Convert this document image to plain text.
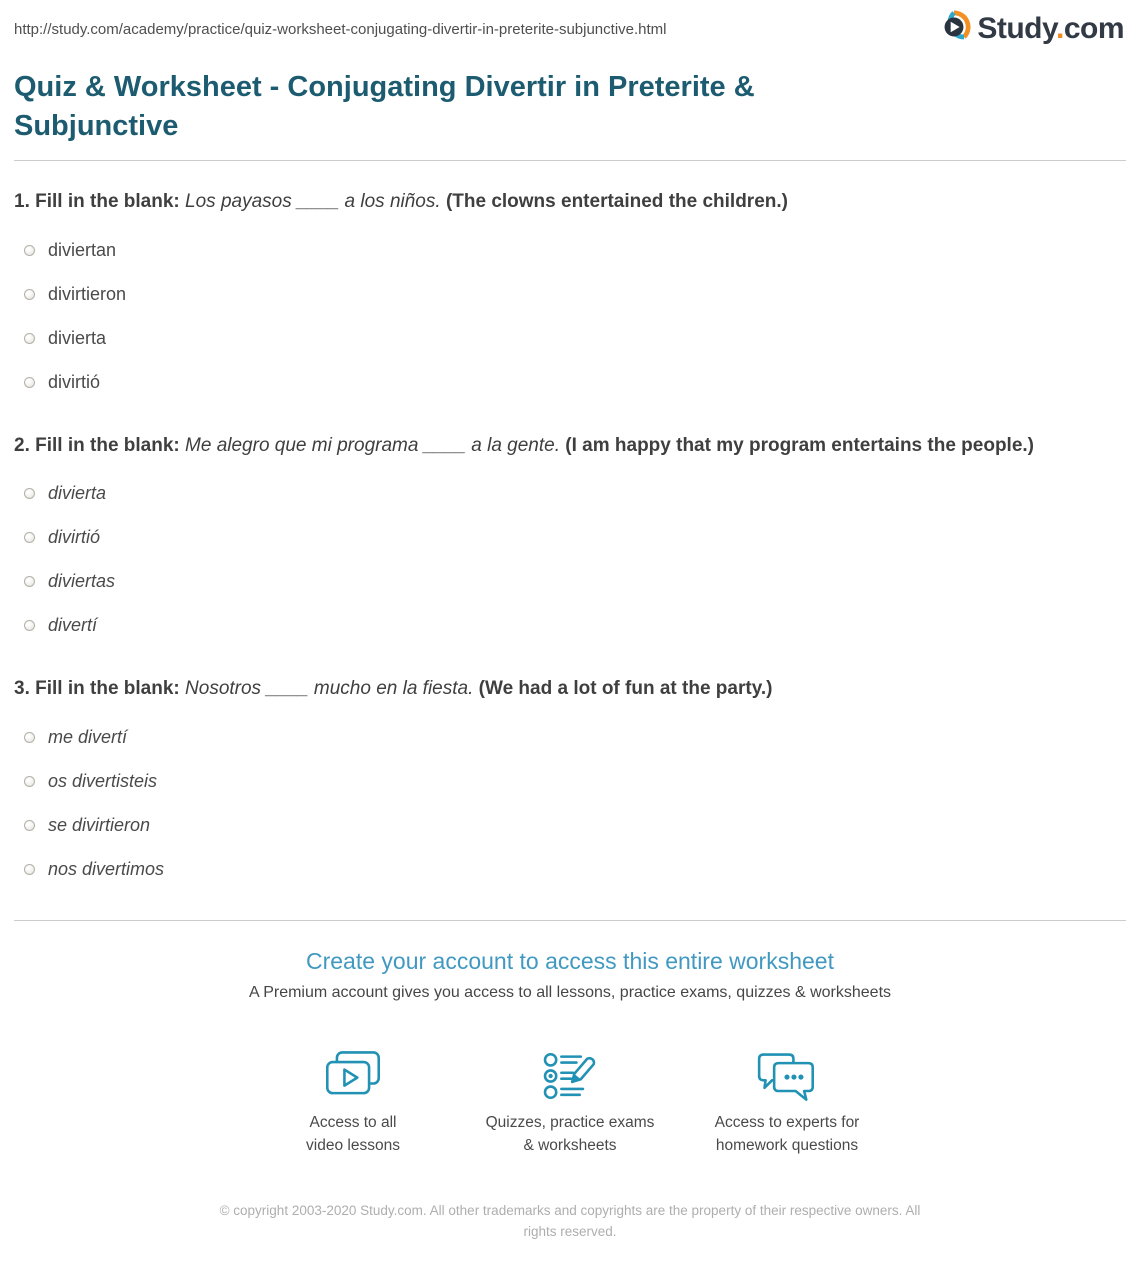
http://study.com/academy/practice/quiz-worksheet-conjugating-divertir-in-preterite-subjunctive.html	Study.com
Quiz & Worksheet - Conjugating Divertir in Preterite & Subjunctive

1. Fill in the blank: Los payasos ____ a los niños. (The clowns entertained the children.)

diviertan
divirtieron
divierta
divirtió

2. Fill in the blank: Me alegro que mi programa ____ a la gente. (I am happy that my program entertains the people.)

divierta
divirtió
diviertas
divertí

3. Fill in the blank: Nosotros ____ mucho en la fiesta. (We had a lot of fun at the party.)

me divertí
os divertisteis
se divirtieron
nos divertimos
Create your account to access this entire worksheet

A Premium account gives you access to all lessons, practice exams, quizzes & worksheets

Access to all
video lessons
Quizzes, practice exams
& worksheets
Access to experts for
homework questions

© copyright 2003-2020 Study.com. All other trademarks and copyrights are the property of their respective owners. All rights reserved.
